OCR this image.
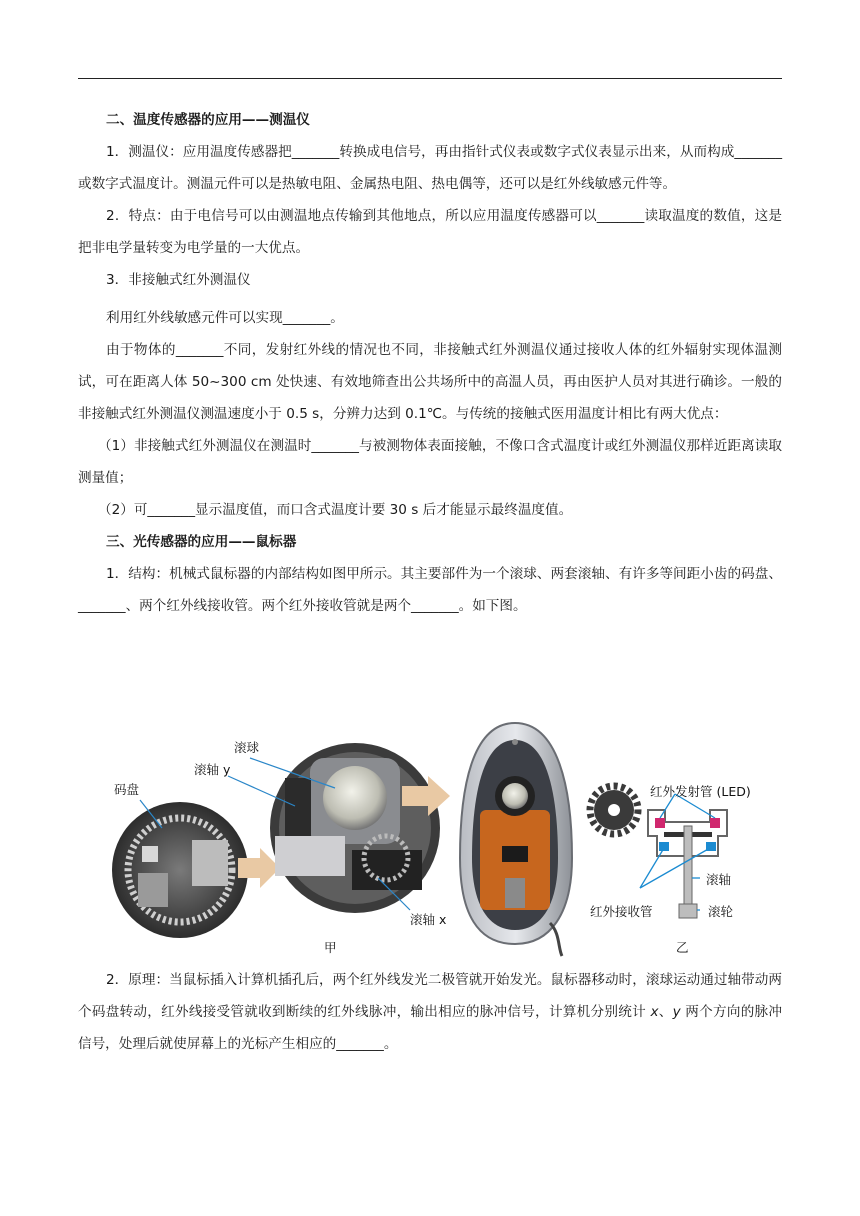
二、温度传感器的应用——测温仪

1．测温仪：应用温度传感器把_______转换成电信号，再由指针式仪表或数字式仪表显示出来，从而构成_______或数字式温度计。测温元件可以是热敏电阻、金属热电阻、热电偶等，还可以是红外线敏感元件等。

2．特点：由于电信号可以由测温地点传输到其他地点，所以应用温度传感器可以_______读取温度的数值，这是把非电学量转变为电学量的一大优点。

3．非接触式红外测温仪

利用红外线敏感元件可以实现_______。

由于物体的_______不同，发射红外线的情况也不同，非接触式红外测温仪通过接收人体的红外辐射实现体温测试，可在距离人体 50~300 cm 处快速、有效地筛查出公共场所中的高温人员，再由医护人员对其进行确诊。一般的非接触式红外测温仪测温速度小于 0.5 s，分辨力达到 0.1℃。与传统的接触式医用温度计相比有两大优点：

（1）非接触式红外测温仪在测温时_______与被测物体表面接触，不像口含式温度计或红外测温仪那样近距离读取测量值；

（2）可_______显示温度值，而口含式温度计要 30 s 后才能显示最终温度值。

三、光传感器的应用——鼠标器

1．结构：机械式鼠标器的内部结构如图甲所示。其主要部件为一个滚球、两套滚轴、有许多等间距小齿的码盘、_______、两个红外线接收管。两个红外接收管就是两个_______。如下图。

滚球
滚轴 y
码盘
滚轴 x
甲
红外发射管 (LED)
滚轴
红外接收管	滚轮
乙

2．原理：当鼠标插入计算机插孔后，两个红外线发光二极管就开始发光。鼠标器移动时，滚球运动通过轴带动两个码盘转动，红外线接受管就收到断续的红外线脉冲，输出相应的脉冲信号，计算机分别统计 x、y 两个方向的脉冲信号，处理后就使屏幕上的光标产生相应的_______。
